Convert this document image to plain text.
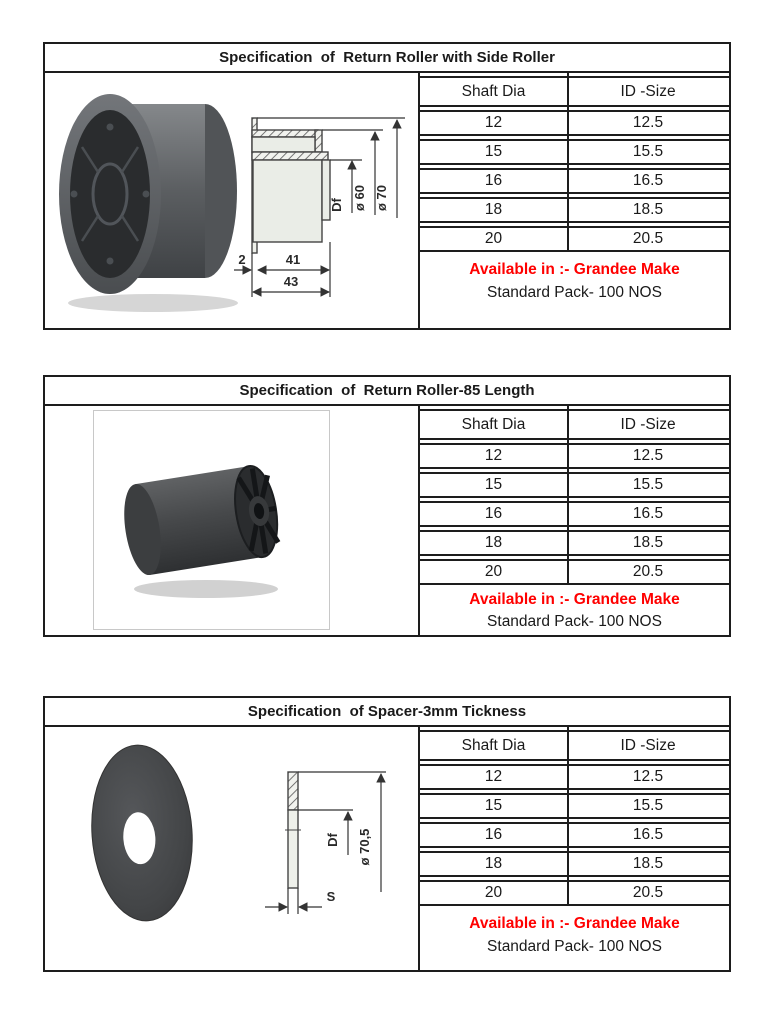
Specification  of  Return Roller with Side Roller
Df ø 60 ø 70
2	41
43
Shaft Dia	ID -Size
12	12.5
15	15.5
16	16.5
18	18.5
20	20.5
Available in :- Grandee Make
Standard Pack- 100 NOS
Specification  of  Return Roller-85 Length
Shaft Dia	ID -Size
12	12.5
15	15.5
16	16.5
18	18.5
20	20.5
Available in :- Grandee Make
Standard Pack- 100 NOS
Specification  of Spacer-3mm Tickness
Df ø 70,5
S
Shaft Dia	ID -Size
12	12.5
15	15.5
16	16.5
18	18.5
20	20.5
Available in :- Grandee Make
Standard Pack- 100 NOS
